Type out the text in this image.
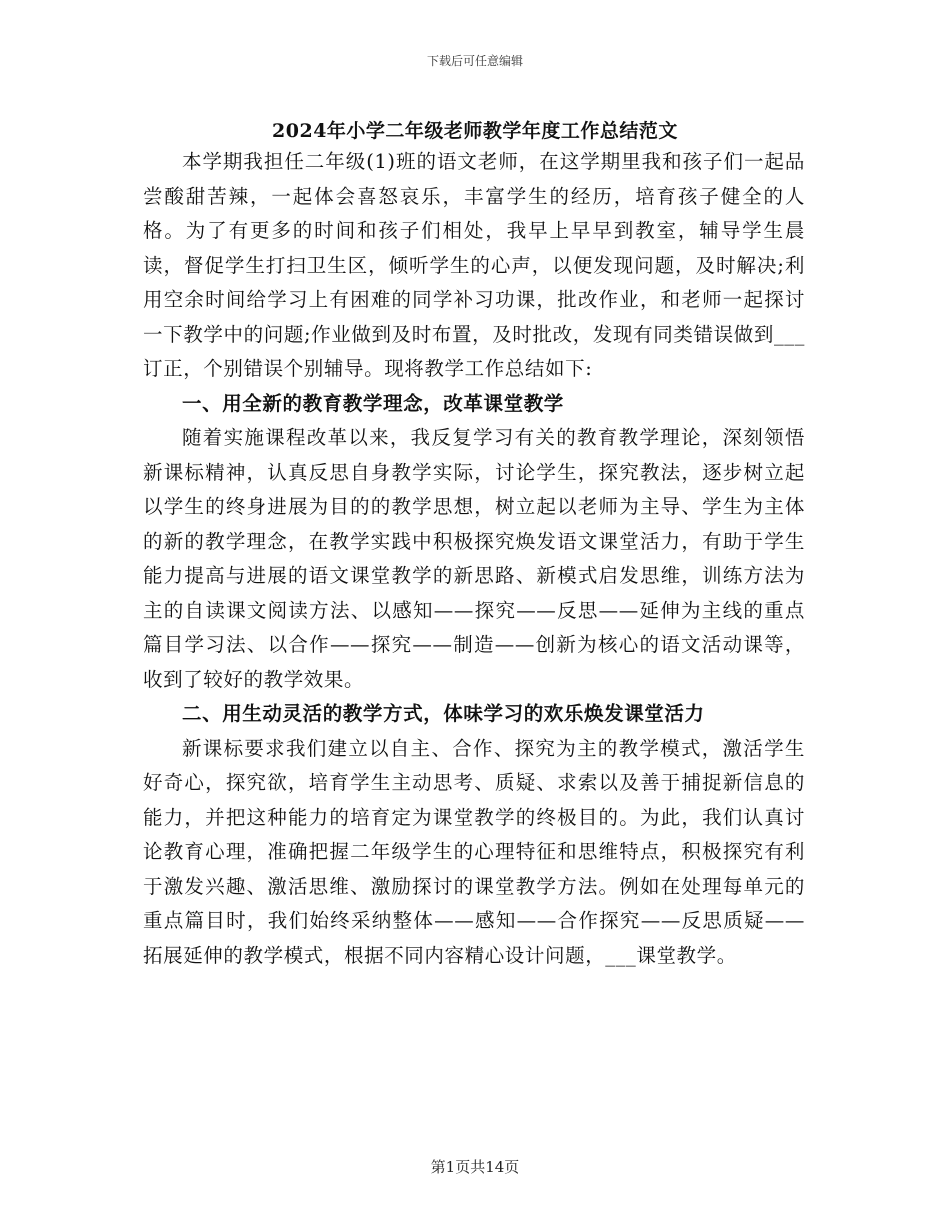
下载后可任意编辑
2024年小学二年级老师教学年度工作总结范文

本学期我担任二年级(1)班的语文老师，在这学期里我和孩子们一起品尝酸甜苦辣，一起体会喜怒哀乐，丰富学生的经历，培育孩子健全的人格。为了有更多的时间和孩子们相处，我早上早早到教室，辅导学生晨读，督促学生打扫卫生区，倾听学生的心声，以便发现问题，及时解决;利用空余时间给学习上有困难的同学补习功课，批改作业，和老师一起探讨一下教学中的问题;作业做到及时布置，及时批改，发现有同类错误做到___订正，个别错误个别辅导。现将教学工作总结如下:

一、用全新的教育教学理念，改革课堂教学

随着实施课程改革以来，我反复学习有关的教育教学理论，深刻领悟新课标精神，认真反思自身教学实际，讨论学生，探究教法，逐步树立起以学生的终身进展为目的的教学思想，树立起以老师为主导、学生为主体的新的教学理念，在教学实践中积极探究焕发语文课堂活力，有助于学生能力提高与进展的语文课堂教学的新思路、新模式启发思维，训练方法为主的自读课文阅读方法、以感知——探究——反思——延伸为主线的重点篇目学习法、以合作——探究——制造——创新为核心的语文活动课等，收到了较好的教学效果。

二、用生动灵活的教学方式，体味学习的欢乐焕发课堂活力

新课标要求我们建立以自主、合作、探究为主的教学模式，激活学生好奇心，探究欲，培育学生主动思考、质疑、求索以及善于捕捉新信息的能力，并把这种能力的培育定为课堂教学的终极目的。为此，我们认真讨论教育心理，准确把握二年级学生的心理特征和思维特点，积极探究有利于激发兴趣、激活思维、激励探讨的课堂教学方法。例如在处理每单元的重点篇目时，我们始终采纳整体——感知——合作探究——反思质疑——拓展延伸的教学模式，根据不同内容精心设计问题，___课堂教学。

第1页共14页
